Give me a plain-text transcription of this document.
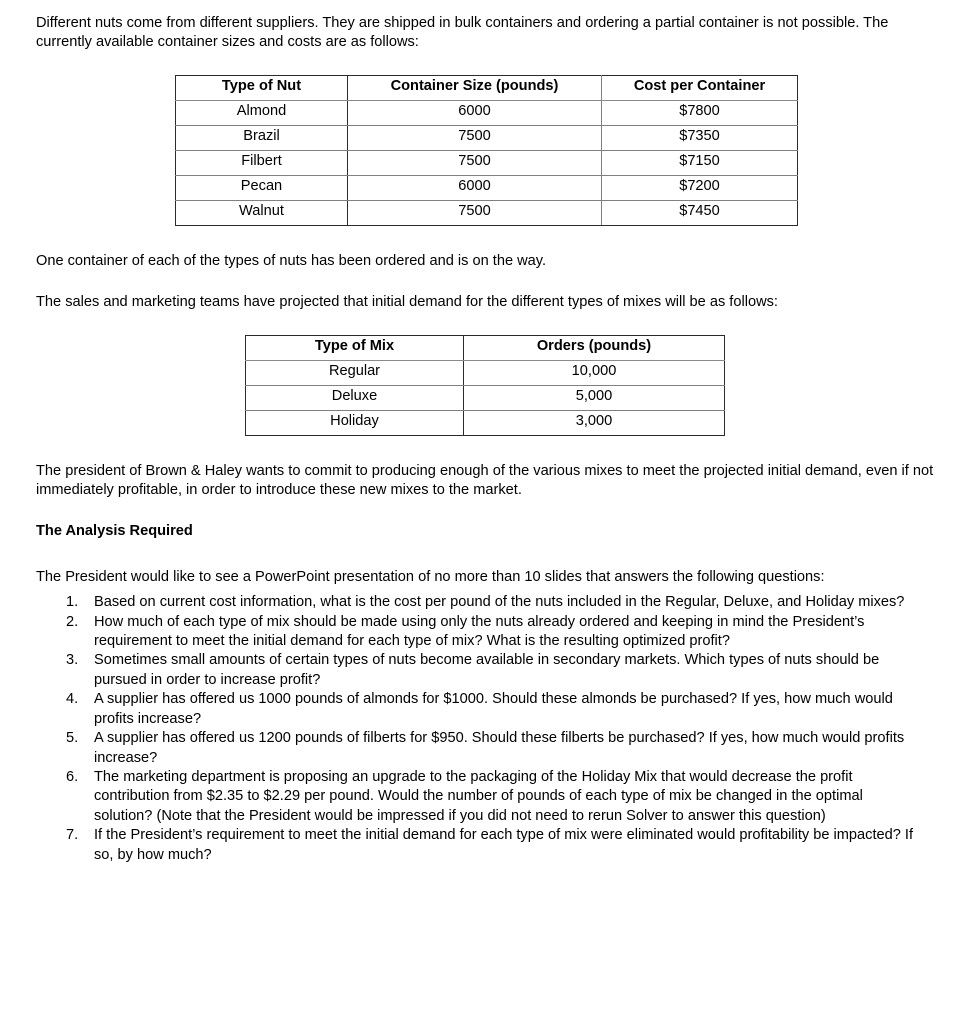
Different nuts come from different suppliers. They are shipped in bulk containers and ordering a partial container is not possible. The currently available container sizes and costs are as follows:

Type of Nut	Container Size (pounds)	Cost per Container
Almond	6000	$7800
Brazil	7500	$7350
Filbert	7500	$7150
Pecan	6000	$7200
Walnut	7500	$7450

One container of each of the types of nuts has been ordered and is on the way.

The sales and marketing teams have projected that initial demand for the different types of mixes will be as follows:

Type of Mix	Orders (pounds)
Regular	10,000
Deluxe	5,000
Holiday	3,000

The president of Brown & Haley wants to commit to producing enough of the various mixes to meet the projected initial demand, even if not immediately profitable, in order to introduce these new mixes to the market.

The Analysis Required

The President would like to see a PowerPoint presentation of no more than 10 slides that answers the following questions:

1.	Based on current cost information, what is the cost per pound of the nuts included in the Regular, Deluxe, and Holiday mixes?
2.	How much of each type of mix should be made using only the nuts already ordered and keeping in mind the President’s requirement to meet the initial demand for each type of mix? What is the resulting optimized profit?
3.	Sometimes small amounts of certain types of nuts become available in secondary markets. Which types of nuts should be pursued in order to increase profit?
4.	A supplier has offered us 1000 pounds of almonds for $1000. Should these almonds be purchased? If yes, how much would profits increase?
5.	A supplier has offered us 1200 pounds of filberts for $950. Should these filberts be purchased? If yes, how much would profits increase?
6.	The marketing department is proposing an upgrade to the packaging of the Holiday Mix that would decrease the profit contribution from $2.35 to $2.29 per pound. Would the number of pounds of each type of mix be changed in the optimal solution? (Note that the President would be impressed if you did not need to rerun Solver to answer this question)
7.	If the President’s requirement to meet the initial demand for each type of mix were eliminated would profitability be impacted? If so, by how much?
